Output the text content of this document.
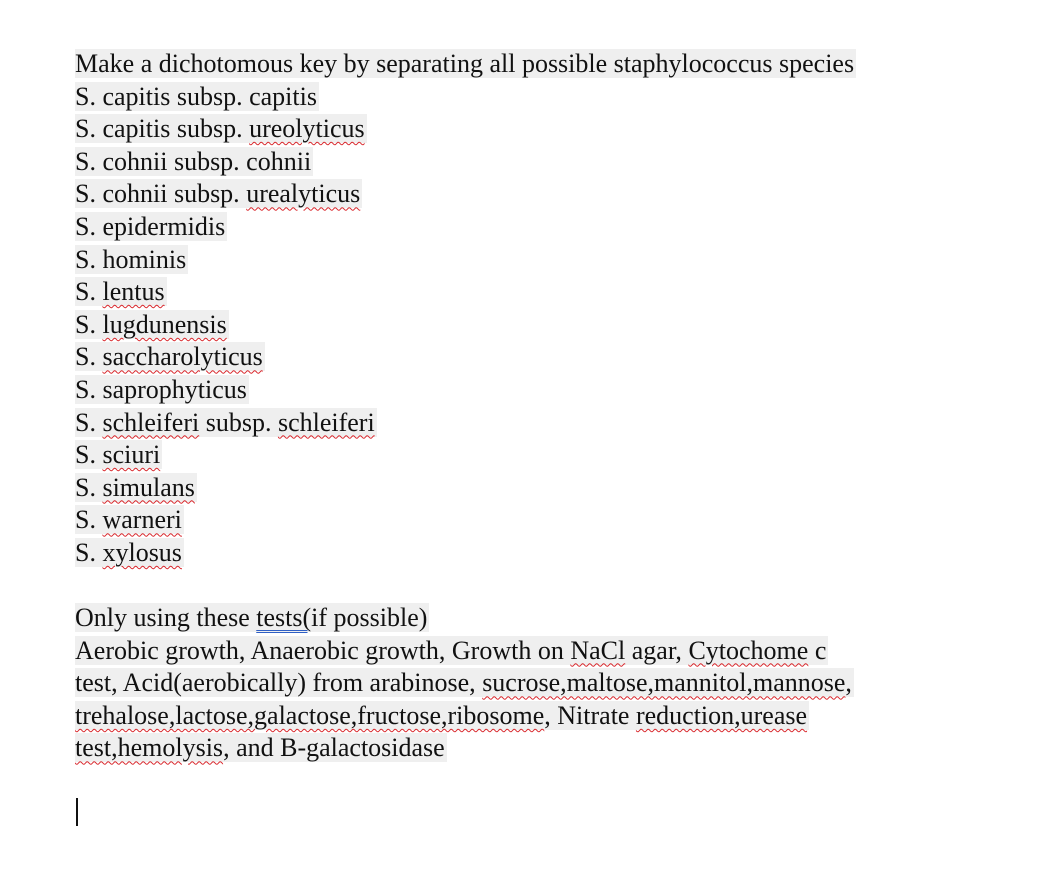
Make a dichotomous key by separating all possible staphylococcus species
S. capitis subsp. capitis
S. capitis subsp. ureolyticus
S. cohnii subsp. cohnii
S. cohnii subsp. urealyticus
S. epidermidis
S. hominis
S. lentus
S. lugdunensis
S. saccharolyticus
S. saprophyticus
S. schleiferi subsp. schleiferi
S. sciuri
S. simulans
S. warneri
S. xylosus
Only using these tests(if possible)
Aerobic growth, Anaerobic growth, Growth on NaCl agar, Cytochome c
test, Acid(aerobically) from arabinose, sucrose,maltose,mannitol,mannose,
trehalose,lactose,galactose,fructose,ribosome, Nitrate reduction,urease
test,hemolysis, and B-galactosidase
